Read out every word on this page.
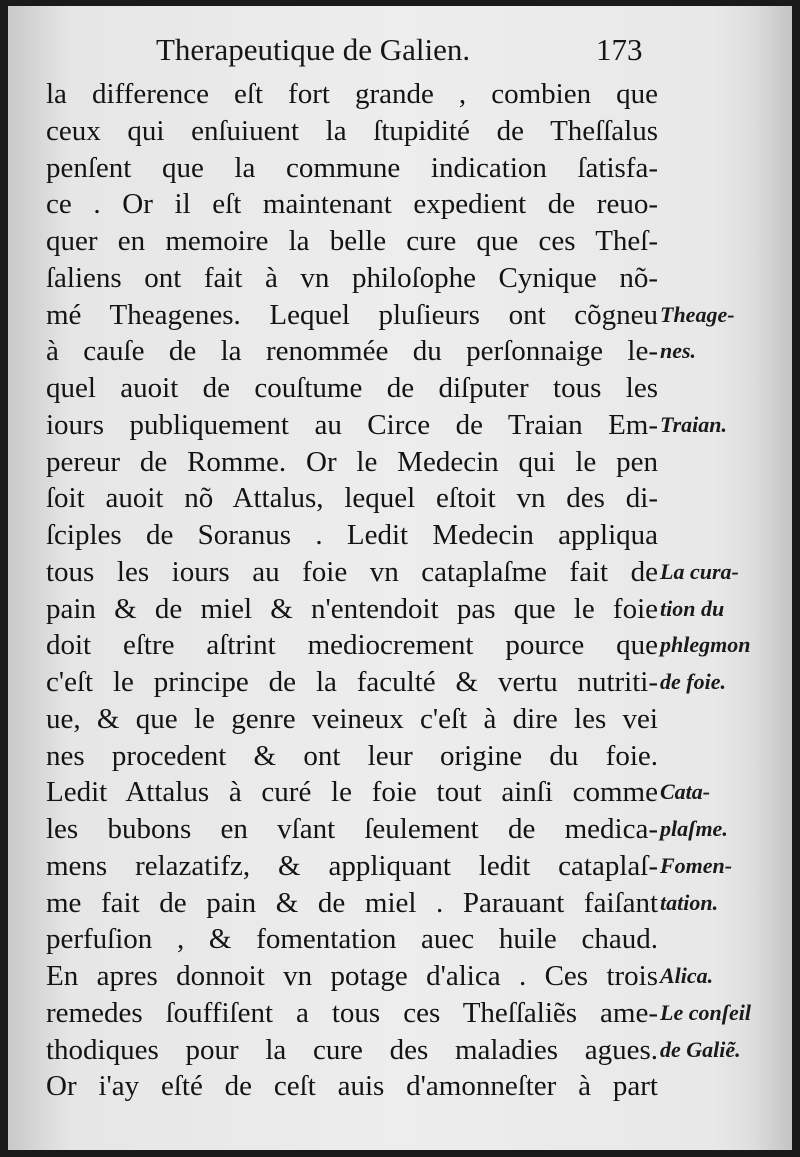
Therapeutique de Galien.	173
la difference eſt fort grande , combien que
ceux qui enſuiuent la ſtupidité de Theſſalus
penſent que la commune indication ſatisfa-
ce . Or il eſt maintenant expedient de reuo-
quer en memoire la belle cure que ces Theſ-
ſaliens ont fait à vn philoſophe Cynique nõ-
mé Theagenes. Lequel pluſieurs ont cõgneu
à cauſe de la renommée du perſonnaige le-
quel auoit de couſtume de diſputer tous les
iours publiquement au Circe de Traian Em-
pereur de Romme. Or le Medecin qui le pen
ſoit auoit nõ Attalus, lequel eſtoit vn des di-
ſciples de Soranus . Ledit Medecin appliqua
tous les iours au foie vn cataplaſme fait de
pain & de miel & n'entendoit pas que le foie
doit eſtre aſtrint mediocrement pource que
c'eſt le principe de la faculté & vertu nutriti-
ue, & que le genre veineux c'eſt à dire les vei
nes procedent & ont leur origine du foie.
Ledit Attalus à curé le foie tout ainſi comme
les bubons en vſant ſeulement de medica-
mens relazatifz, & appliquant ledit cataplaſ-
me fait de pain & de miel . Parauant faiſant
perfuſion , & fomentation auec huile chaud.
En apres donnoit vn potage d'alica . Ces trois
remedes ſouffiſent a tous ces Theſſaliẽs ame-
thodiques pour la cure des maladies agues.
Or i'ay eſté de ceſt auis d'amonneſter à part
Theage-
nes.
Traian.
La cura-
tion du
phlegmon
de foie.
Cata-
plaſme.
Fomen-
tation.
Alica.
Le conſeil
de Galiẽ.
